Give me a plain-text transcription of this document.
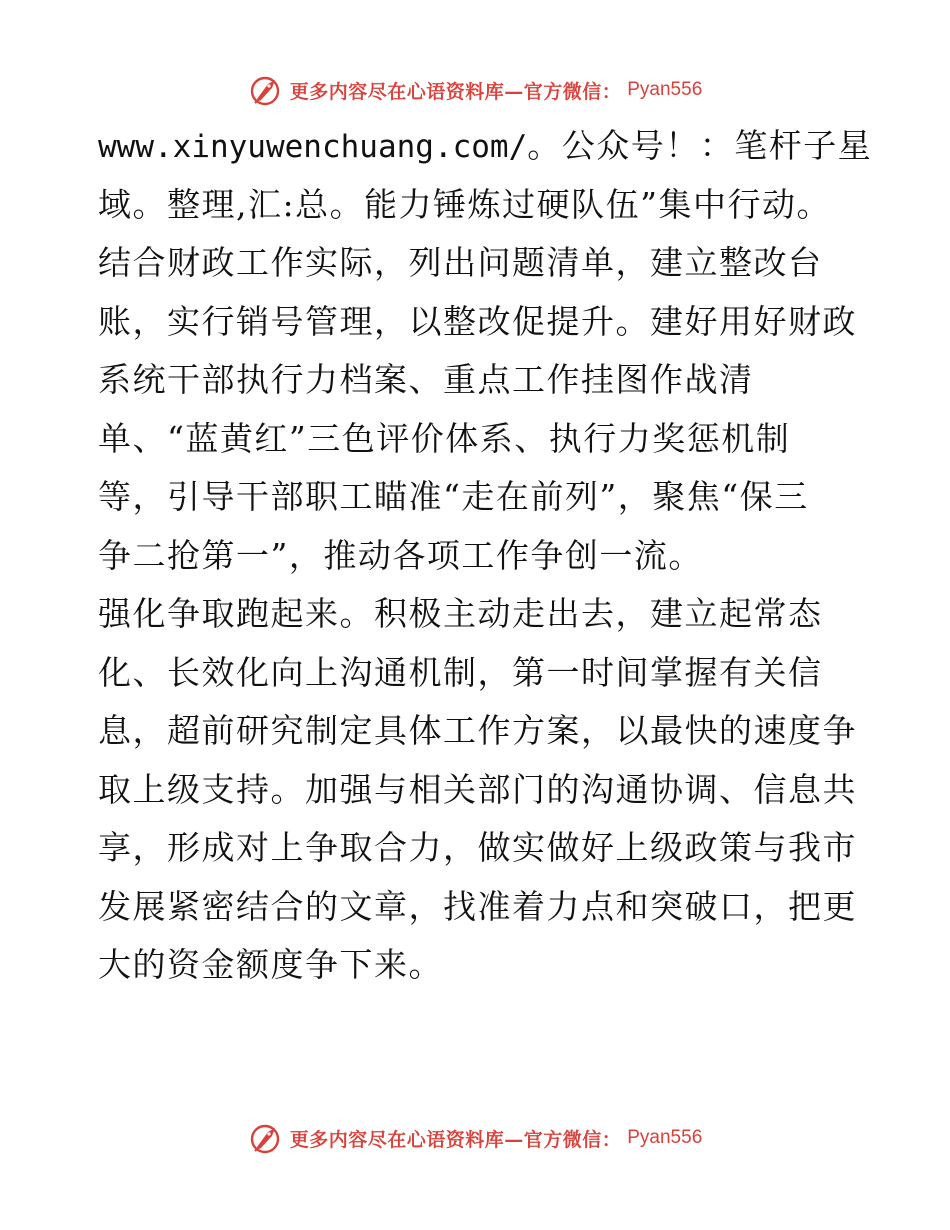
更多内容尽在心语资料库—官方微信： Pyan556

www.xinyuwenchuang.com/。公众号！：笔杆子星
域。整理,汇:总。能力锤炼过硬队伍”集中行动。
结合财政工作实际，列出问题清单，建立整改台
账，实行销号管理，以整改促提升。建好用好财政
系统干部执行力档案、重点工作挂图作战清
单、“蓝黄红”三色评价体系、执行力奖惩机制
等，引导干部职工瞄准“走在前列”，聚焦“保三
争二抢第一”，推动各项工作争创一流。

强化争取跑起来。积极主动走出去，建立起常态
化、长效化向上沟通机制，第一时间掌握有关信
息，超前研究制定具体工作方案，以最快的速度争
取上级支持。加强与相关部门的沟通协调、信息共
享，形成对上争取合力，做实做好上级政策与我市
发展紧密结合的文章，找准着力点和突破口，把更
大的资金额度争下来。

更多内容尽在心语资料库—官方微信： Pyan556
